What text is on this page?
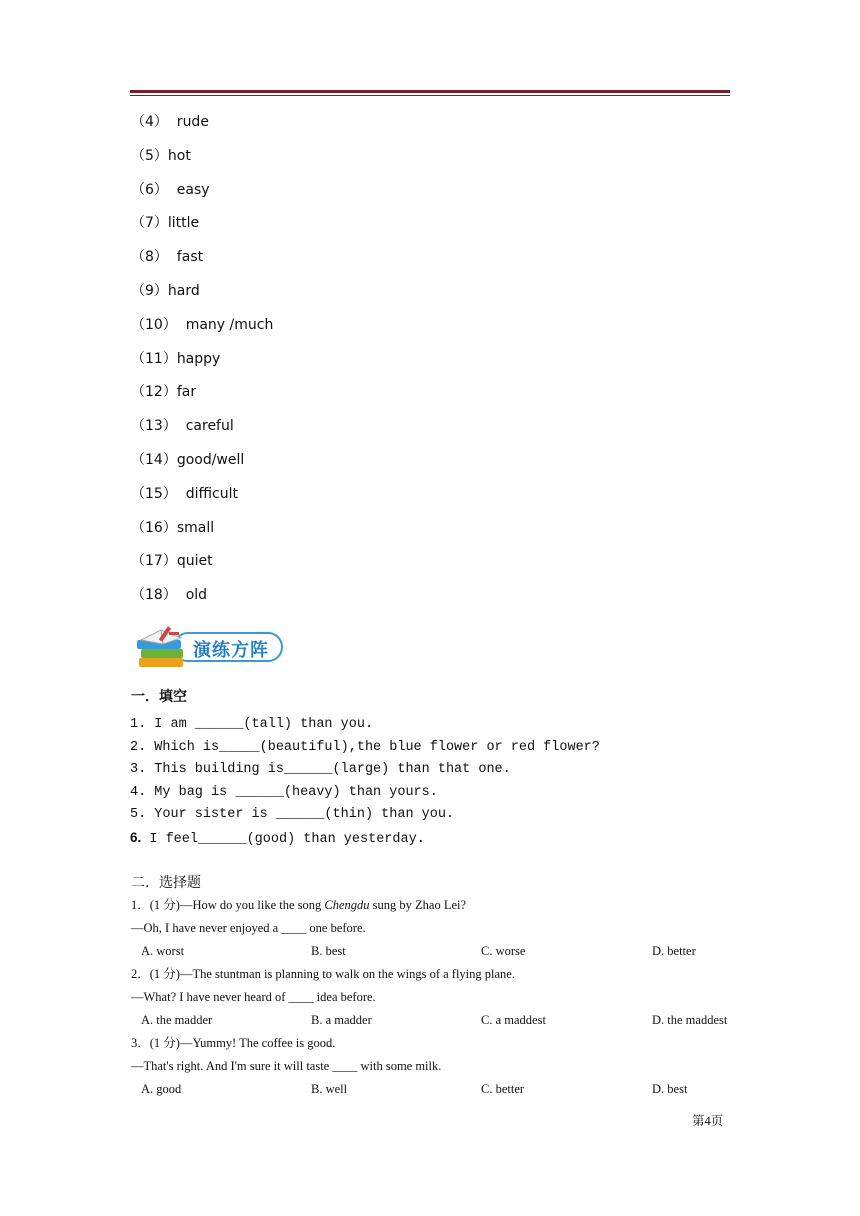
（4）  rude
（5）hot
（6）  easy
（7）little
（8）  fast
（9）hard
（10）  many /much
（11）happy
（12）far
（13）  careful
（14）good/well
（15）  difficult
（16）small
（17）quiet
（18）  old
演练方阵
一．填空
1. I am ______(tall) than you.
2. Which is_____(beautiful),the blue flower or red flower?
3. This building is______(large) than that one.
4. My bag is ______(heavy) than yours.
5. Your sister is ______(thin) than you.
6. I feel______(good) than yesterday.
二．选择题
1．(1 分)—How do you like the song Chengdu sung by Zhao Lei?
—Oh, I have never enjoyed a ____ one before.
A. worst	B. best	C. worse	D. better
2．(1 分)—The stuntman is planning to walk on the wings of a flying plane.
—What? I have never heard of ____ idea before.
A. the madder	B. a madder	C. a maddest	D. the maddest
3．(1 分)—Yummy! The coffee is good.
—That's right. And I'm sure it will taste ____ with some milk.
A. good	B. well	C. better	D. best
第4页
